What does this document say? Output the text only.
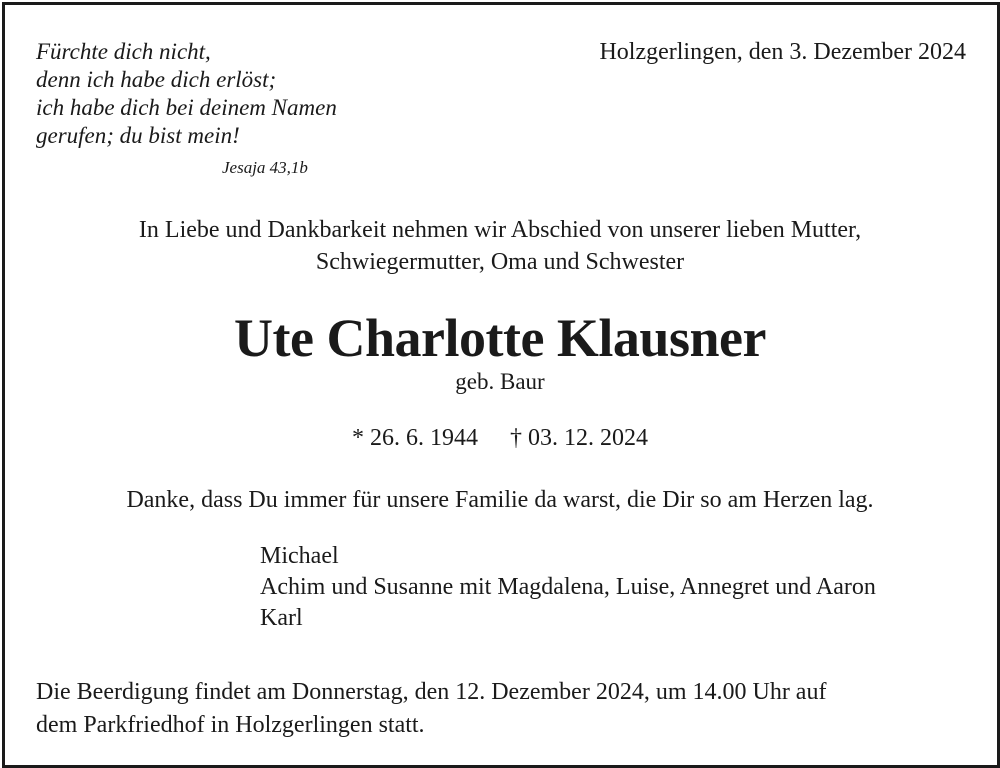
Fürchte dich nicht,
denn ich habe dich erlöst;
ich habe dich bei deinem Namen
gerufen; du bist mein!
Jesaja 43,1b
Holzgerlingen, den 3. Dezember 2024
In Liebe und Dankbarkeit nehmen wir Abschied von unserer lieben Mutter,
Schwiegermutter, Oma und Schwester
Ute Charlotte Klausner
geb. Baur
* 26. 6. 1944 † 03. 12. 2024
Danke, dass Du immer für unsere Familie da warst, die Dir so am Herzen lag.
Michael
Achim und Susanne mit Magdalena, Luise, Annegret und Aaron
Karl
Die Beerdigung findet am Donnerstag, den 12. Dezember 2024, um 14.00 Uhr auf
dem Parkfriedhof in Holzgerlingen statt.
